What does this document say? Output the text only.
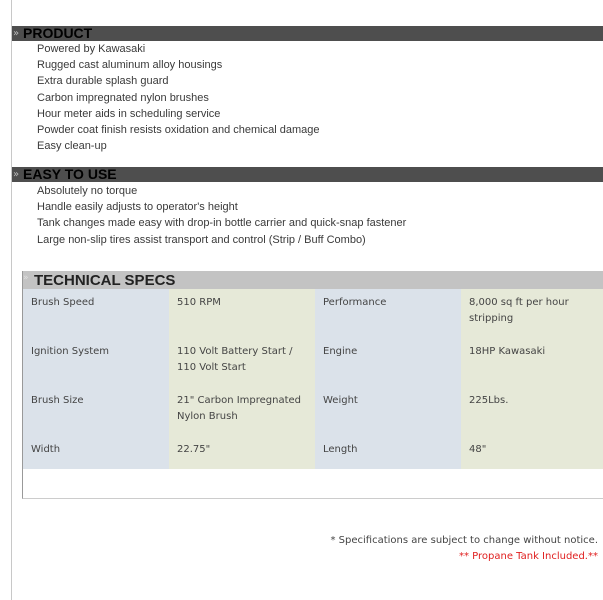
» PRODUCT
Powered by Kawasaki
Rugged cast aluminum alloy housings
Extra durable splash guard
Carbon impregnated nylon brushes
Hour meter aids in scheduling service
Powder coat finish resists oxidation and chemical damage
Easy clean-up
» EASY TO USE
Absolutely no torque
Handle easily adjusts to operator's height
Tank changes made easy with drop-in bottle carrier and quick-snap fastener
Large non-slip tires assist transport and control (Strip / Buff Combo)
» TECHNICAL SPECS
Brush Speed	510 RPM	Performance	8,000 sq ft per hour stripping
Ignition System	110 Volt Battery Start / 110 Volt Start	Engine	18HP Kawasaki
Brush Size	21" Carbon Impregnated Nylon Brush	Weight	225Lbs.
Width	22.75"	Length	48"
* Specifications are subject to change without notice.
** Propane Tank Included.**
